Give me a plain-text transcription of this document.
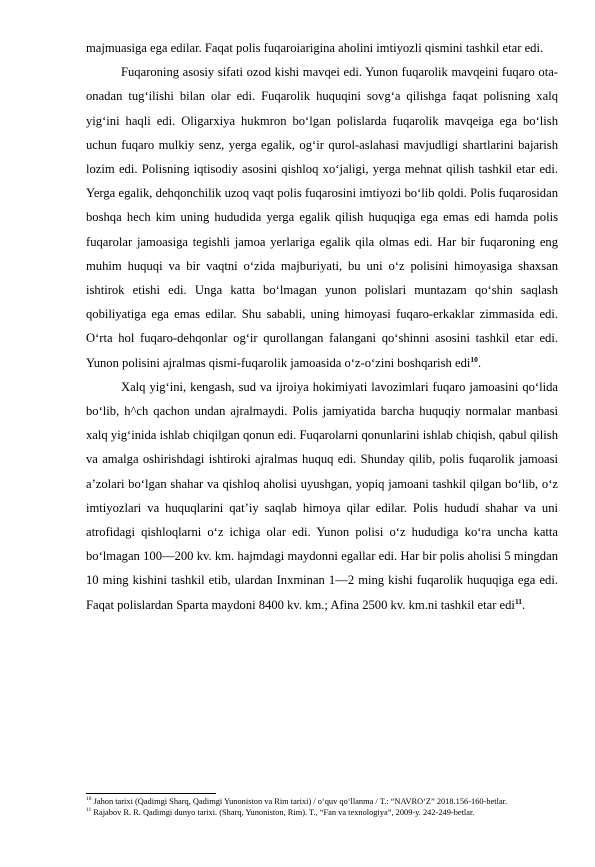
majmuasiga ega edilar. Faqat polis fuqaroiarigina aholini imtiyozli qismini tashkil etar edi.

Fuqaroning asosiy sifati ozod kishi mavqei edi. Yunon fuqarolik mavqeini fuqaro ota-onadan tug‘ilishi bilan olar edi. Fuqarolik huquqini sovg‘a qilishga faqat polisning xalq yig‘ini haqli edi. Oligarxiya hukmron bo‘lgan polislarda fuqarolik mavqeiga ega bo‘lish uchun fuqaro mulkiy senz, yerga egalik, og‘ir qurol-aslahasi mavjudligi shartlarini bajarish lozim edi. Polisning iqtisodiy asosini qishloq xo‘jaligi, yerga mehnat qilish tashkil etar edi. Yerga egalik, dehqonchilik uzoq vaqt polis fuqarosini imtiyozi bo‘lib qoldi. Polis fuqarosidan boshqa hech kim uning hududida yerga egalik qilish huquqiga ega emas edi hamda polis fuqarolar jamoasiga tegishli jamoa yerlariga egalik qila olmas edi. Har bir fuqaroning eng muhim huquqi va bir vaqtni o‘zida majburiyati, bu uni o‘z polisini himoyasiga shaxsan ishtirok etishi edi. Unga katta bo‘lmagan yunon polislari muntazam qo‘shin saqlash qobiliyatiga ega emas edilar. Shu sababli, uning himoyasi fuqaro-erkaklar zimmasida edi. O‘rta hol fuqaro-dehqonlar og‘ir qurollangan falangani qo‘shinni asosini tashkil etar edi. Yunon polisini ajralmas qismi-fuqarolik jamoasida o‘z-o‘zini boshqarish edi$^{10}$.

Xalq yig‘ini, kengash, sud va ijroiya hokimiyati lavozimlari fuqaro jamoasini qo‘lida bo‘lib, h^ch qachon undan ajralmaydi. Polis jamiyatida barcha huquqiy normalar manbasi xalq yig‘inida ishlab chiqilgan qonun edi. Fuqarolarni qonunlarini ishlab chiqish, qabul qilish va amalga oshirishdagi ishtiroki ajralmas huquq edi. Shunday qilib, polis fuqarolik jamoasi a’zolari bo‘lgan shahar va qishloq aholisi uyushgan, yopiq jamoani tashkil qilgan bo‘lib, o‘z imtiyozlari va huquqlarini qat’iy saqlab himoya qilar edilar. Polis hududi shahar va uni atrofidagi qishloqlarni o‘z ichiga olar edi. Yunon polisi o‘z hududiga ko‘ra uncha katta bo‘lmagan 100—200 kv. km. hajmdagi maydonni egallar edi. Har bir polis aholisi 5 mingdan 10 ming kishini tashkil etib, ulardan Inxminan 1—2 ming kishi fuqarolik huquqiga ega edi. Faqat polislardan Sparta maydoni 8400 kv. km.; Afina 2500 kv. km.ni tashkil etar edi$^{11}$.

$^{10}$ Jahon tarixi (Qadimgi Sharq, Qadimgi Yunoniston va Rim tarixi) / o‘quv qo‘llanma / T.: “NAVRO‘Z” 2018.156-160-betlar.

$^{11}$ Rajabov R. R. Qadimgi dunyo tarixi. (Sharq, Yunoniston, Rim). T., “Fan va texnologiya”, 2009-y. 242-249-betlar.
